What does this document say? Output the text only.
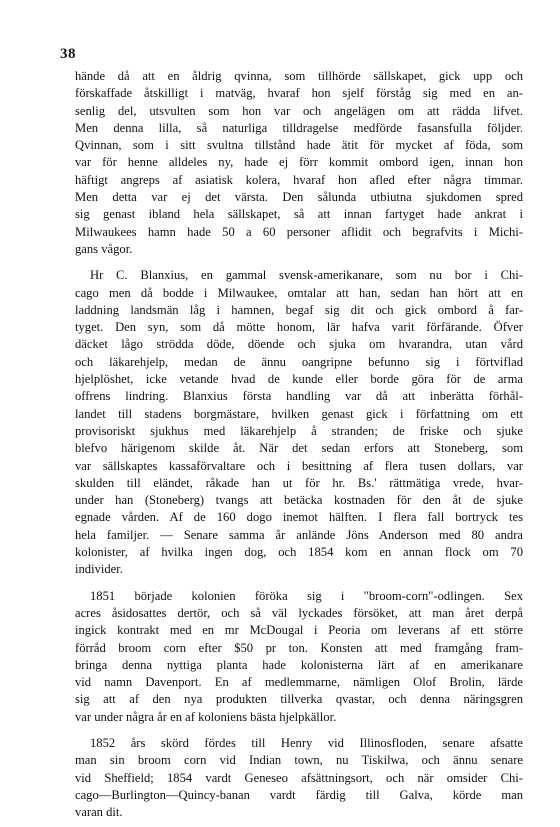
38
hände då att en åldrig qvinna, som tillhörde sällskapet, gick upp och
förskaffade åtskilligt i matväg, hvaraf hon sjelf förståg sig med en an-
senlig del, utsvulten som hon var och angelägen om att rädda lifvet.
Men denna lilla, så naturliga tilldragelse medförde fasansfulla följder.
Qvinnan, som i sitt svultna tillstånd hade ätit för mycket af föda, som
var för henne alldeles ny, hade ej förr kommit ombord igen, innan hon
häftigt angreps af asiatisk kolera, hvaraf hon afled efter några timmar.
Men detta var ej det värsta. Den sålunda utbiutna sjukdomen spred
sig genast ibland hela sällskapet, så att innan fartyget hade ankrat i
Milwaukees hamn hade 50 a 60 personer aflidit och begrafvits i Michi-
gans vågor.
Hr C. Blanxius, en gammal svensk-amerikanare, som nu bor i Chi-
cago men då bodde i Milwaukee, omtalar att han, sedan han hört att en
laddning landsmän låg i hamnen, begaf sig dit och gick ombord å far-
tyget. Den syn, som då mötte honom, lär hafva varit förfärande. Öfver
däcket lågo strödda döde, döende och sjuka om hvarandra, utan vård
och läkarehjelp, medan de ännu oangripne befunno sig i förtviflad
hjelplöshet, icke vetande hvad de kunde eller borde göra för de arma
offrens lindring. Blanxius första handling var då att inberätta förhål-
landet till stadens borgmästare, hvilken genast gick i författning om ett
provisoriskt sjukhus med läkarehjelp å stranden; de friske och sjuke
blefvo härigenom skilde åt. När det sedan erfors att Stoneberg, som
var sällskaptes kassaförvaltare och i besittning af flera tusen dollars, var
skulden till eländet, råkade han ut för hr. Bs.' rättmätiga vrede, hvar-
under han (Stoneberg) tvangs att betäcka kostnaden för den åt de sjuke
egnade vården. Af de 160 dogo inemot hälften. I flera fall bortryck tes
hela familjer. — Senare samma år anlände Jöns Anderson med 80 andra
kolonister, af hvilka ingen dog, och 1854 kom en annan flock om 70
individer.
1851 började kolonien föröka sig i "broom-corn"-odlingen. Sex
acres åsidosattes dertör, och så väl lyckades försöket, att man året derpå
ingick kontrakt med en mr McDougal i Peoria om leverans af ett större
förråd broom corn efter $50 pr ton. Konsten att med framgång fram-
bringa denna nyttiga planta hade kolonisterna lärt af en amerikanare
vid namn Davenport. En af medlemmarne, nämligen Olof Brolin, lärde
sig att af den nya produkten tillverka qvastar, och denna näringsgren
var under några år en af koloniens bästa hjelpkällor.
1852 års skörd fördes till Henry vid Illinosfloden, senare afsatte
man sin broom corn vid Indian town, nu Tiskilwa, och ännu senare
vid Sheffield; 1854 vardt Geneseo afsättningsort, och när omsider Chi-
cago—Burlington—Quincy-banan vardt färdig till Galva, körde man
varan dit.
